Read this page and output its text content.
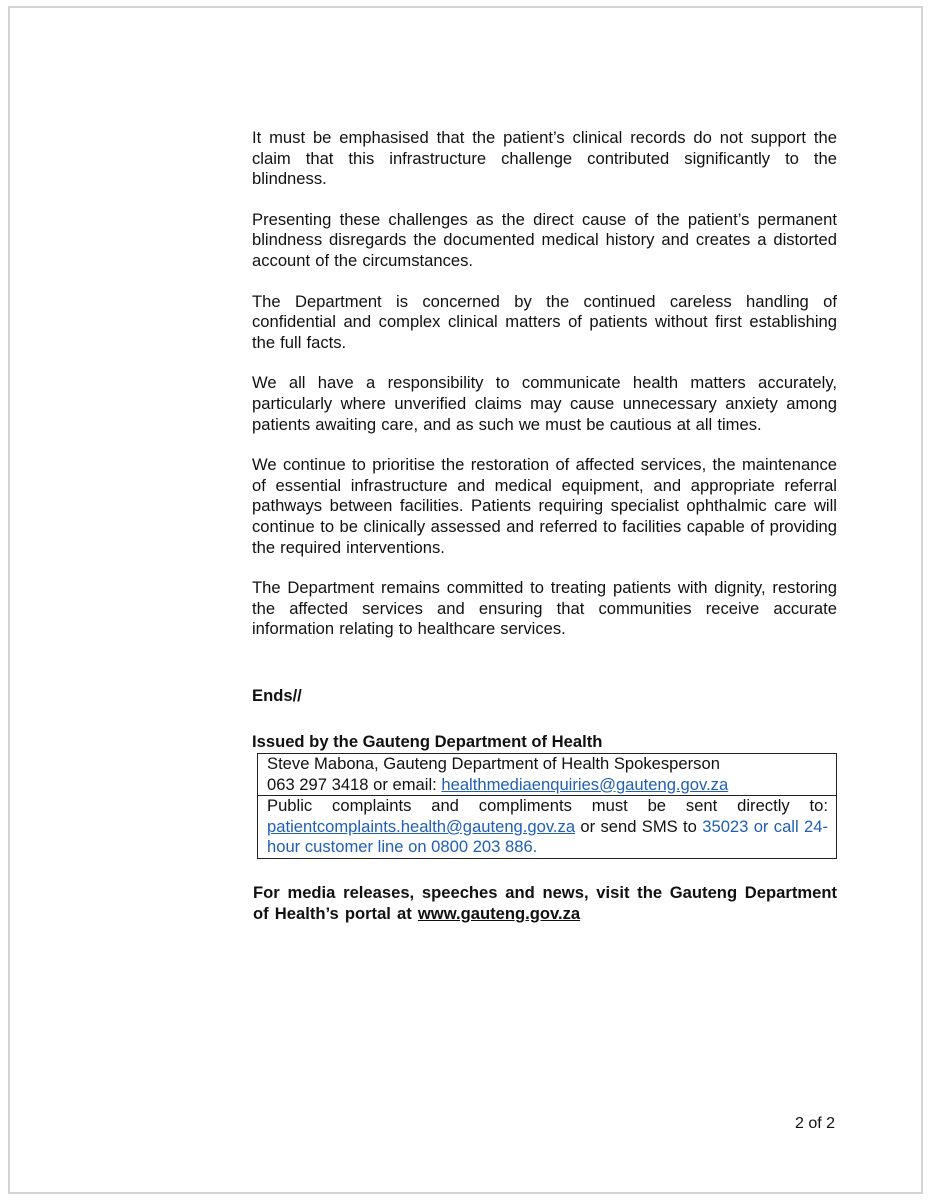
It must be emphasised that the patient’s clinical records do not support the claim that this infrastructure challenge contributed significantly to the blindness.

Presenting these challenges as the direct cause of the patient’s permanent blindness disregards the documented medical history and creates a distorted account of the circumstances.

The Department is concerned by the continued careless handling of confidential and complex clinical matters of patients without first establishing the full facts.

We all have a responsibility to communicate health matters accurately, particularly where unverified claims may cause unnecessary anxiety among patients awaiting care, and as such we must be cautious at all times.

We continue to prioritise the restoration of affected services, the maintenance of essential infrastructure and medical equipment, and appropriate referral pathways between facilities. Patients requiring specialist ophthalmic care will continue to be clinically assessed and referred to facilities capable of providing the required interventions.

The Department remains committed to treating patients with dignity, restoring the affected services and ensuring that communities receive accurate information relating to healthcare services.

Ends//

Issued by the Gauteng Department of Health

Steve Mabona, Gauteng Department of Health Spokesperson
063 297 3418 or email: healthmediaenquiries@gauteng.gov.za
Public complaints and compliments must be sent directly to: patientcomplaints.health@gauteng.gov.za or send SMS to 35023 or call 24-hour customer line on 0800 203 886.

For media releases, speeches and news, visit the Gauteng Department of Health’s portal at www.gauteng.gov.za

2 of 2
